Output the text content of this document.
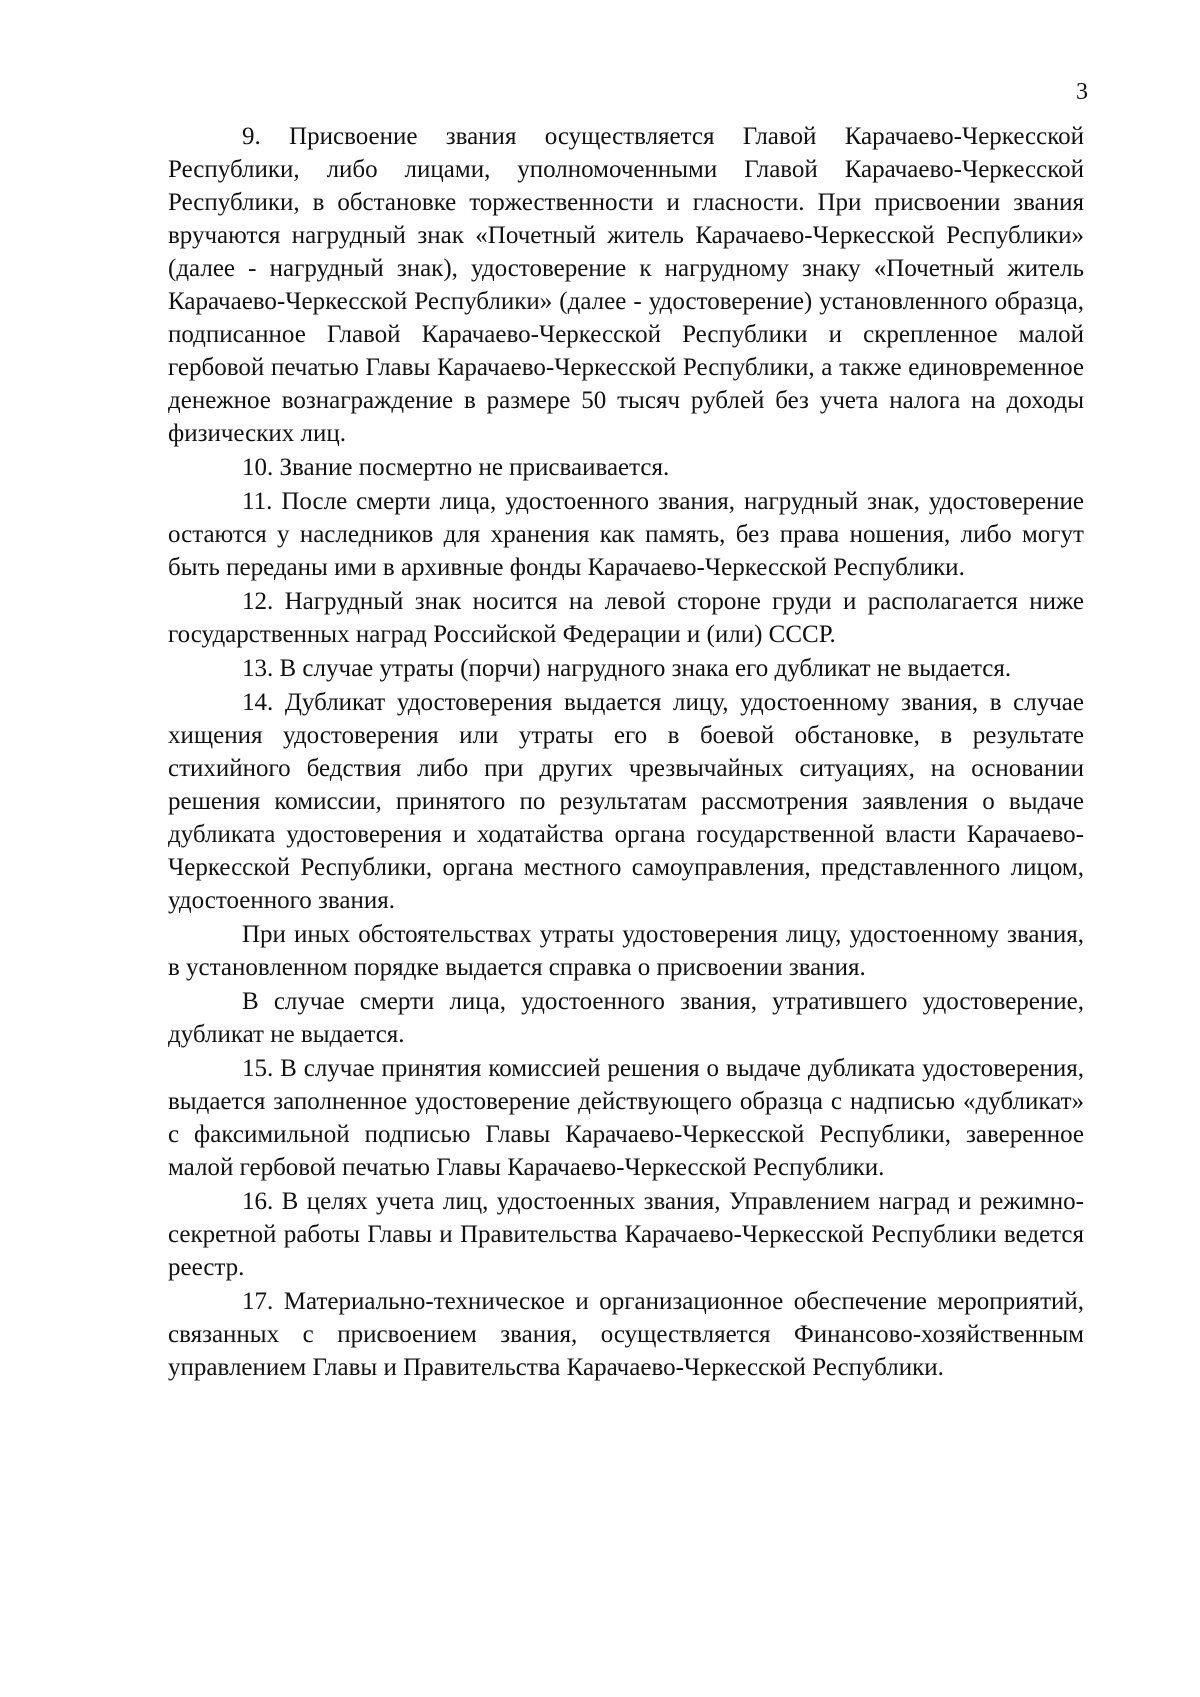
3

9. Присвоение звания осуществляется Главой Карачаево-Черкесской Республики, либо лицами, уполномоченными Главой Карачаево-Черкесской Республики, в обстановке торжественности и гласности. При присвоении звания вручаются нагрудный знак «Почетный житель Карачаево-Черкесской Республики» (далее - нагрудный знак), удостоверение к нагрудному знаку «Почетный житель Карачаево-Черкесской Республики» (далее - удостоверение) установленного образца, подписанное Главой Карачаево-Черкесской Республики и скрепленное малой гербовой печатью Главы Карачаево-Черкесской Республики, а также единовременное денежное вознаграждение в размере 50 тысяч рублей без учета налога на доходы физических лиц.

10. Звание посмертно не присваивается.

11. После смерти лица, удостоенного звания, нагрудный знак, удостоверение остаются у наследников для хранения как память, без права ношения, либо могут быть переданы ими в архивные фонды Карачаево-Черкесской Республики.

12. Нагрудный знак носится на левой стороне груди и располагается ниже государственных наград Российской Федерации и (или) СССР.

13. В случае утраты (порчи) нагрудного знака его дубликат не выдается.

14. Дубликат удостоверения выдается лицу, удостоенному звания, в случае хищения удостоверения или утраты его в боевой обстановке, в результате стихийного бедствия либо при других чрезвычайных ситуациях, на основании решения комиссии, принятого по результатам рассмотрения заявления о выдаче дубликата удостоверения и ходатайства органа государственной власти Карачаево-Черкесской Республики, органа местного самоуправления, представленного лицом, удостоенного звания.

При иных обстоятельствах утраты удостоверения лицу, удостоенному звания, в установленном порядке выдается справка о присвоении звания.

В случае смерти лица, удостоенного звания, утратившего удостоверение, дубликат не выдается.

15. В случае принятия комиссией решения о выдаче дубликата удостоверения, выдается заполненное удостоверение действующего образца с надписью «дубликат» с факсимильной подписью Главы Карачаево-Черкесской Республики, заверенное малой гербовой печатью Главы Карачаево-Черкесской Республики.

16. В целях учета лиц, удостоенных звания, Управлением наград и режимно-секретной работы Главы и Правительства Карачаево-Черкесской Республики ведется реестр.

17. Материально-техническое и организационное обеспечение мероприятий, связанных с присвоением звания, осуществляется Финансово-хозяйственным управлением Главы и Правительства Карачаево-Черкесской Республики.
